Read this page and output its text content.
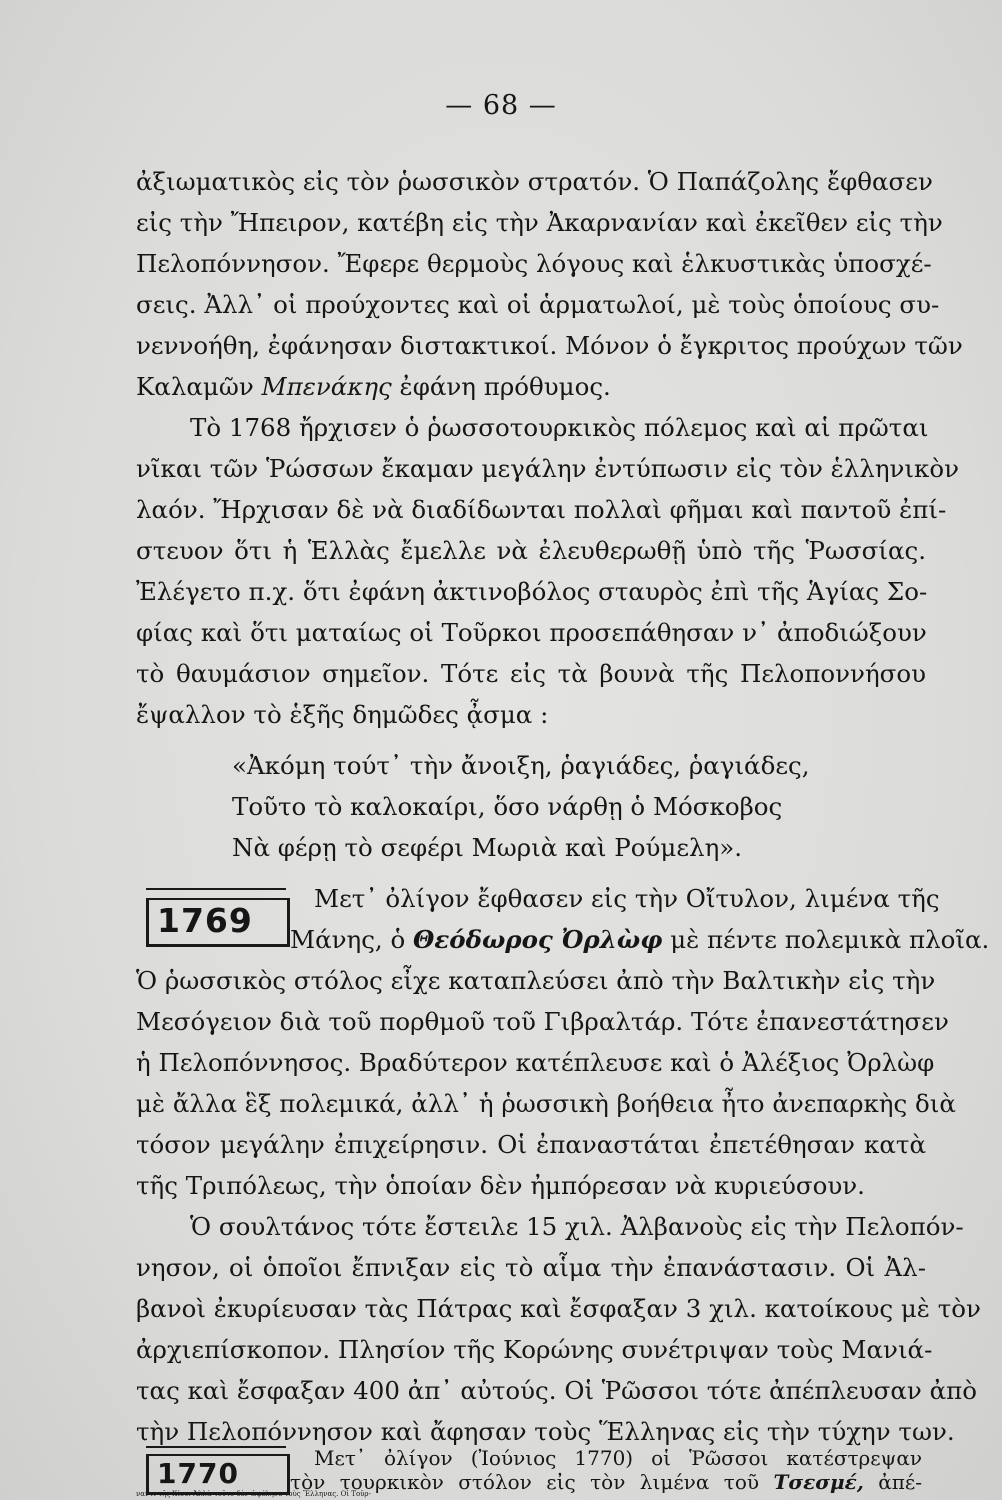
— 68 —
ἀξιωματικὸς εἰς τὸν ῥωσσικὸν στρατόν. Ὁ Παπάζολης ἔφθασεν
εἰς τὴν Ἤπειρον, κατέβη εἰς τὴν Ἀκαρνανίαν καὶ ἐκεῖθεν εἰς τὴν
Πελοπόννησον. Ἔφερε θερμοὺς λόγους καὶ ἑλκυστικὰς ὑποσχέ-
σεις. Ἀλλ᾽ οἱ προύχοντες καὶ οἱ ἁρματωλοί, μὲ τοὺς ὁποίους συ-
νεννοήθη, ἐφάνησαν διστακτικοί. Μόνον ὁ ἔγκριτος προύχων τῶν
Καλαμῶν Μπενάκης ἐφάνη πρόθυμος.
Τὸ 1768 ἤρχισεν ὁ ῥωσσοτουρκικὸς πόλεμος καὶ αἱ πρῶται
νῖκαι τῶν Ῥώσσων ἔκαμαν μεγάλην ἐντύπωσιν εἰς τὸν ἑλληνικὸν
λαόν. Ἤρχισαν δὲ νὰ διαδίδωνται πολλαὶ φῆμαι καὶ παντοῦ ἐπί-
στευον ὅτι ἡ Ἑλλὰς ἔμελλε νὰ ἐλευθερωθῇ ὑπὸ τῆς Ῥωσσίας.
Ἐλέγετο π.χ. ὅτι ἐφάνη ἀκτινοβόλος σταυρὸς ἐπὶ τῆς Ἁγίας Σο-
φίας καὶ ὅτι ματαίως οἱ Τοῦρκοι προσεπάθησαν ν᾽ ἀποδιώξουν
τὸ θαυμάσιον σημεῖον. Τότε εἰς τὰ βουνὰ τῆς Πελοποννήσου
ἔψαλλον τὸ ἑξῆς δημῶδες ᾆσμα :
«Ἀκόμη τούτ᾽ τὴν ἄνοιξη, ῥαγιάδες, ῥαγιάδες,
Τοῦτο τὸ καλοκαίρι, ὅσο νάρθῃ ὁ Μόσκοβος
Νὰ φέρῃ τὸ σεφέρι Μωριὰ καὶ Ρούμελη».
1769
Μετ᾽ ὀλίγον ἔφθασεν εἰς τὴν Οἴτυλον, λιμένα τῆς
Μάνης, ὁ Θεόδωρος Ὀρλὼφ μὲ πέντε πολεμικὰ πλοῖα.
Ὁ ῥωσσικὸς στόλος εἶχε καταπλεύσει ἀπὸ τὴν Βαλτικὴν εἰς τὴν
Μεσόγειον διὰ τοῦ πορθμοῦ τοῦ Γιβραλτάρ. Τότε ἐπανεστάτησεν
ἡ Πελοπόννησος. Βραδύτερον κατέπλευσε καὶ ὁ Ἀλέξιος Ὀρλὼφ
μὲ ἄλλα ἓξ πολεμικά, ἀλλ᾽ ἡ ῥωσσικὴ βοήθεια ἦτο ἀνεπαρκὴς διὰ
τόσον μεγάλην ἐπιχείρησιν. Οἱ ἐπαναστάται ἐπετέθησαν κατὰ
τῆς Τριπόλεως, τὴν ὁποίαν δὲν ἠμπόρεσαν νὰ κυριεύσουν.
Ὁ σουλτάνος τότε ἔστειλε 15 χιλ. Ἀλβανοὺς εἰς τὴν Πελοπόν-
νησον, οἱ ὁποῖοι ἔπνιξαν εἰς τὸ αἷμα τὴν ἐπανάστασιν. Οἱ Ἀλ-
βανοὶ ἐκυρίευσαν τὰς Πάτρας καὶ ἔσφαξαν 3 χιλ. κατοίκους μὲ τὸν
ἀρχιεπίσκοπον. Πλησίον τῆς Κορώνης συνέτριψαν τοὺς Μανιά-
τας καὶ ἔσφαξαν 400 ἀπ᾽ αὐτούς. Οἱ Ῥῶσσοι τότε ἀπέπλευσαν ἀπὸ
τὴν Πελοπόννησον καὶ ἄφησαν τοὺς Ἕλληνας εἰς τὴν τύχην των.
Μετ᾽ ὀλίγον (Ἰούνιος 1770) οἱ Ῥῶσσοι κατέστρεψαν
1770	τὸν τουρκικὸν στόλον εἰς τὸν λιμένα τοῦ Τσεσμέ, ἀπέ-
ναντι τῆς Χίου. Ἀλλὰ τοῦτο δὲν ὠφέλησε τοὺς Ἕλληνας. Οἱ Τοῦρ-
